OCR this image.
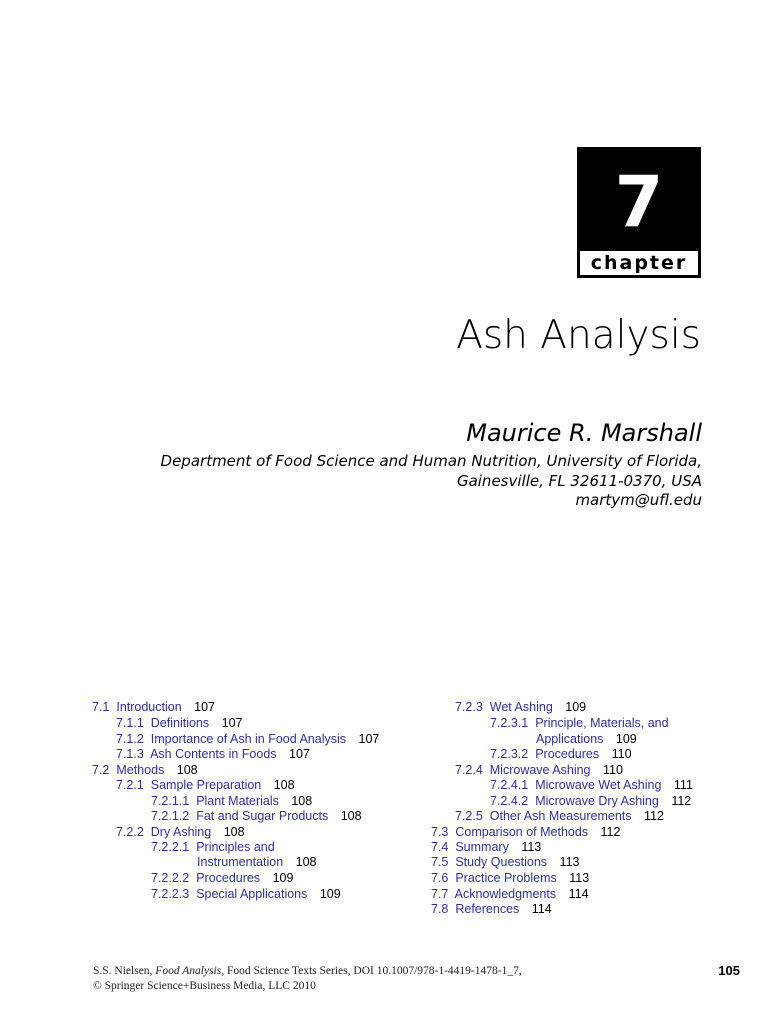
7
chapter
Ash Analysis
Maurice R. Marshall
Department of Food Science and Human Nutrition, University of Florida,
Gainesville, FL 32611-0370, USA
martym@ufl.edu
7.1 Introduction 107
7.1.1 Definitions 107
7.1.2 Importance of Ash in Food Analysis 107
7.1.3 Ash Contents in Foods 107
7.2 Methods 108
7.2.1 Sample Preparation 108
7.2.1.1 Plant Materials 108
7.2.1.2 Fat and Sugar Products 108
7.2.2 Dry Ashing 108
7.2.2.1 Principles and
Instrumentation 108
7.2.2.2 Procedures 109
7.2.2.3 Special Applications 109
7.2.3 Wet Ashing 109
7.2.3.1 Principle, Materials, and
Applications 109
7.2.3.2 Procedures 110
7.2.4 Microwave Ashing 110
7.2.4.1 Microwave Wet Ashing 111
7.2.4.2 Microwave Dry Ashing 112
7.2.5 Other Ash Measurements 112
7.3 Comparison of Methods 112
7.4 Summary 113
7.5 Study Questions 113
7.6 Practice Problems 113
7.7 Acknowledgments 114
7.8 References 114
S.S. Nielsen, Food Analysis, Food Science Texts Series, DOI 10.1007/978-1-4419-1478-1_7,
© Springer Science+Business Media, LLC 2010
105
